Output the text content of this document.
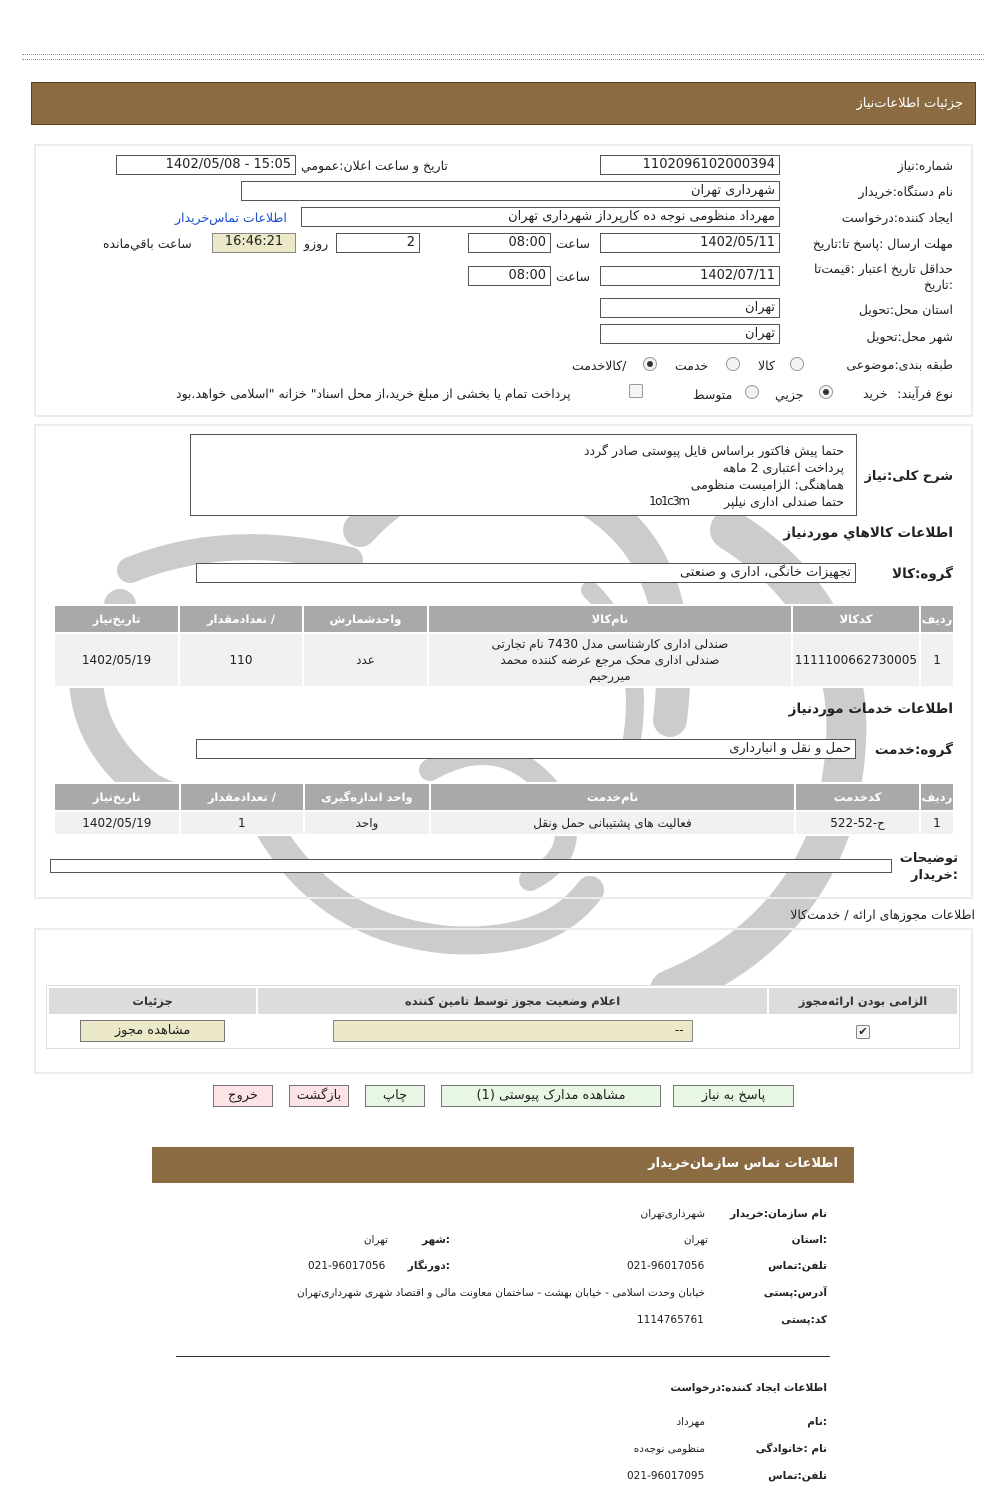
جزئیات اطلاعات‌نیاز
شماره:نیاز
1102096102000394
تاریخ و ساعت اعلان:عمومي
1402/05/08 - 15:05
نام دستگاه:خريدار
شهرداری تهران
ایجاد کننده:درخواست
مهرداد منظومی نوجه ده کارپرداز شهرداری تهران
اطلاعات تماس‌خریدار
مهلت ارسال :پاسخ تا:تاريخ
1402/05/11
ساعت
08:00
2
روزو
16:46:21
ساعت باقي‌مانده
حداقل تاريخ اعتبار :قیمت‌تا
:تاريخ
1402/07/11
ساعت
08:00
استان محل:تحويل
تهران
شهر محل:تحويل
تهران
طبقه بندی:موضوعی
کالا
خدمت
/کالاخدمت
نوع فرآیند:
خرید
جزيي
متوسط
پرداخت تمام یا بخشی از مبلغ خرید،از محل اسناد" خزانه "اسلامی خواهد.بود
شرح کلی:نیاز
حتما پیش فاکتور براساس فایل پیوستی صادر گردد
پرداخت اعتباری 2 ماهه
هماهنگی: الزامیست منظومی
حتما صندلی اداری نیلپر
1o1c3m
اطلاعات کالاهاي موردنیاز
گروه:کالا
تجهیزات خانگی، اداری و صنعتی
ردیف	کدکالا	نام‌کالا	واحدشمارش	/ تعدادمقدار	تاریخ‌نیاز
1	1111100662730005	صندلی اداری کارشناسی مدل 7430 نام تجارتی صندلی اداری محک مرجع عرضه کننده محمد میررحیم	عدد	110	1402/05/19
اطلاعات خدمات موردنیاز
گروه:خدمت
حمل و نقل و انبارداری
ردیف	کدخدمت	نام‌خدمت	واحد اندازه‌گیری	/ تعدادمقدار	تاریخ‌نیاز
1	ح-52-522	فعالیت های پشتیبانی حمل ونقل	واحد	1	1402/05/19
توضیحات
:خریدار
اطلاعات مجوزهای ارائه / خدمت‌کالا
الزامی بودن ارائه‌مجوز	اعلام وضعیت مجوز توسط تامین کننده	جزئیات
✔	--	مشاهده مجوز
پاسخ به نیاز
مشاهده مدارک پیوستی (1)
چاپ
بازگشت
خروج
اطلاعات تماس سازمان‌خریدار
نام سازمان:خریدار
شهرداری‌تهران
:استان
تهران
:شهر
تهران
تلفن:تماس
021-96017056
:دورنگار
021-96017056
آدرس:پستی
خیابان وحدت اسلامی - خیابان بهشت - ساختمان معاونت مالی و اقتصاد شهری شهرداری‌تهران
کد:پستی
1114765761
اطلاعات ایجاد کننده:درخواست
:نام
مهرداد
نام :خانوادگی
منظومی نوجه‌ده
تلفن:تماس
021-96017095
